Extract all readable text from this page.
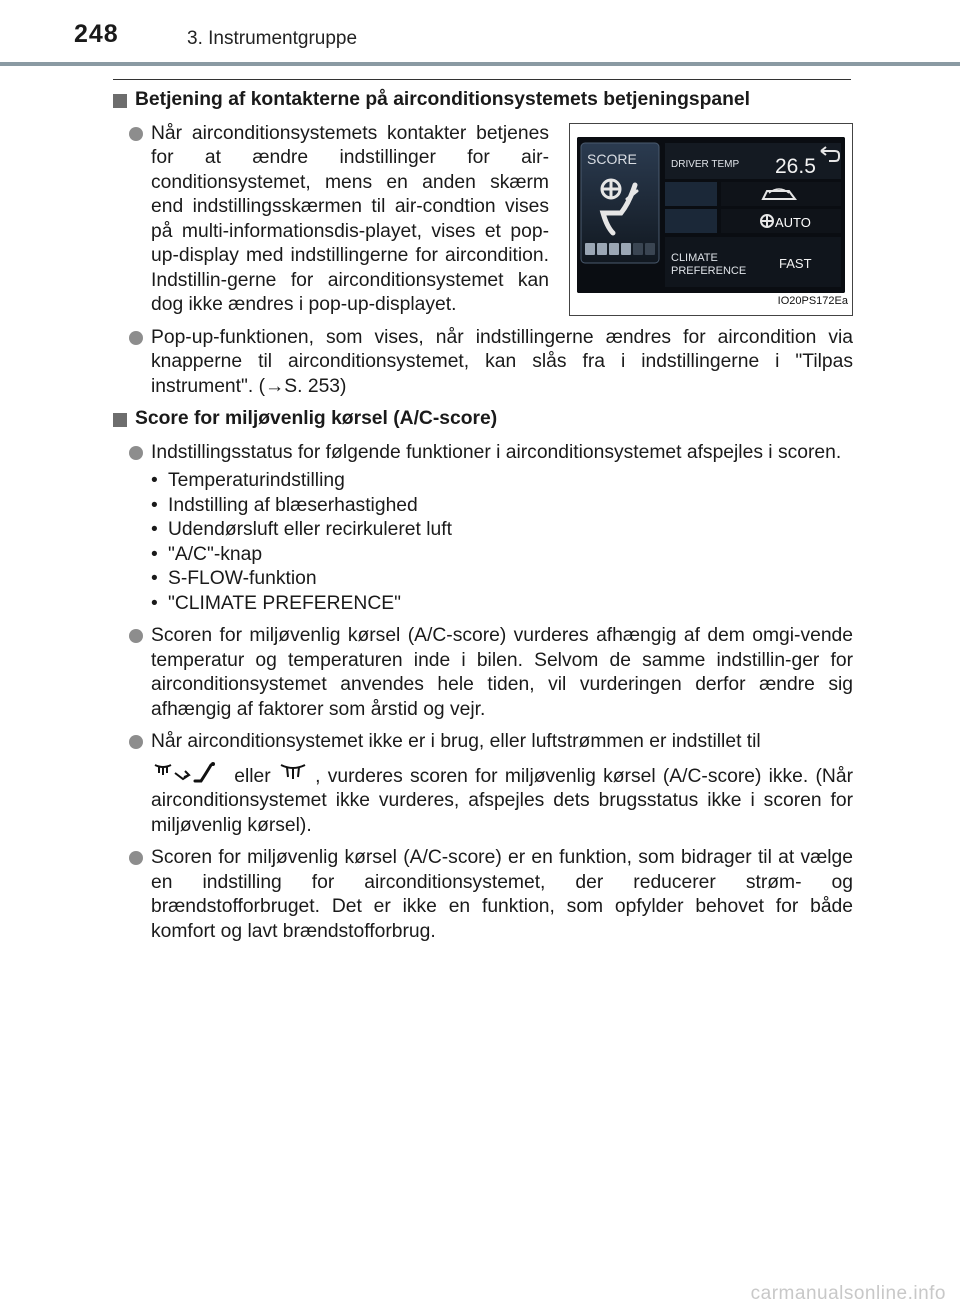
248	3. Instrumentgruppe
Betjening af kontakterne på airconditionsystemets betjeningspanel
SCORE	DRIVER TEMP 26.5
AUTO
CLIMATE
PREFERENCE	FAST
IO20PS172Ea
Når airconditionsystemets kontakter betjenes for at ændre indstillinger for air-conditionsystemet, mens en anden skærm end indstillingsskærmen til air-condtion vises på multi-informationsdis-playet, vises et pop-up-display med indstillingerne for aircondition. Indstillin-gerne for airconditionsystemet kan dog ikke ændres i pop-up-displayet.
Pop-up-funktionen, som vises, når indstillingerne ændres for aircondition via knapperne til airconditionsystemet, kan slås fra i indstillingerne i "Tilpas instrument". (→S. 253)
Score for miljøvenlig kørsel (A/C-score)
Indstillingsstatus for følgende funktioner i airconditionsystemet afspejles i scoren.
• Temperaturindstilling
• Indstilling af blæserhastighed
• Udendørsluft eller recirkuleret luft
• "A/C"-knap
• S-FLOW-funktion
• "CLIMATE PREFERENCE"
Scoren for miljøvenlig kørsel (A/C-score) vurderes afhængig af dem omgi-vende temperatur og temperaturen inde i bilen. Selvom de samme indstillin-ger for airconditionsystemet anvendes hele tiden, vil vurderingen derfor ændre sig afhængig af faktorer som årstid og vejr.
Når airconditionsystemet ikke er i brug, eller luftstrømmen er indstillet til
eller , vurderes scoren for miljøvenlig kørsel (A/C-score) ikke. (Når airconditionsystemet ikke vurderes, afspejles dets brugsstatus ikke i scoren for miljøvenlig kørsel).
Scoren for miljøvenlig kørsel (A/C-score) er en funktion, som bidrager til at vælge en indstilling for airconditionsystemet, der reducerer strøm- og brændstofforbruget. Det er ikke en funktion, som opfylder behovet for både komfort og lavt brændstofforbrug.
carmanualsonline.info
